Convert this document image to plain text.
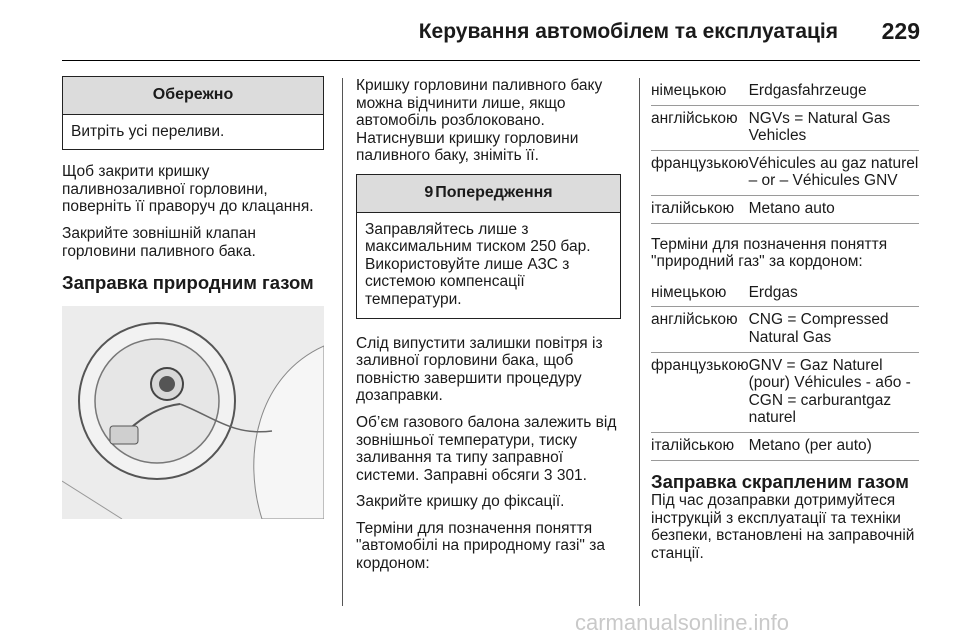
Керування автомобілем та експлуатація 229
Обережно
Витріть усі переливи.

Щоб закрити кришку паливнозаливної горловини, поверніть її праворуч до клацання.

Закрийте зовнішній клапан горловини паливного бака.

Заправка природним газом

Кришку горловини паливного баку можна відчинити лише, якщо автомобіль розблоковано. Натиснувши кришку горловини паливного баку, зніміть її.

9 Попередження
Заправляйтесь лише з максимальним тиском 250 бар. Використовуйте лише АЗС з системою компенсації температури.

Слід випустити залишки повітря із заливної горловини бака, щоб повністю завершити процедуру дозаправки.

Об’єм газового балона залежить від зовнішньої температури, тиску заливання та типу заправної системи. Заправні обсяги 3 301.

Закрийте кришку до фіксації.

Терміни для позначення поняття "автомобілі на природному газі" за кордоном:

німецькою	Erdgasfahrzeuge
англійською	NGVs = Natural Gas Vehicles
французькою	Véhicules au gaz naturel – or – Véhicules GNV
італійською	Metano auto

Терміни для позначення поняття "природний газ" за кордоном:

німецькою	Erdgas
англійською	CNG = Compressed Natural Gas
французькою	GNV = Gaz Naturel (pour) Véhicules - або - CGN = carburantgaz naturel
італійською	Metano (per auto)
Заправка скрапленим газом

Під час дозаправки дотримуйтеся інструкцій з експлуатації та техніки безпеки, встановлені на заправочній станції.

carmanualsonline.info
